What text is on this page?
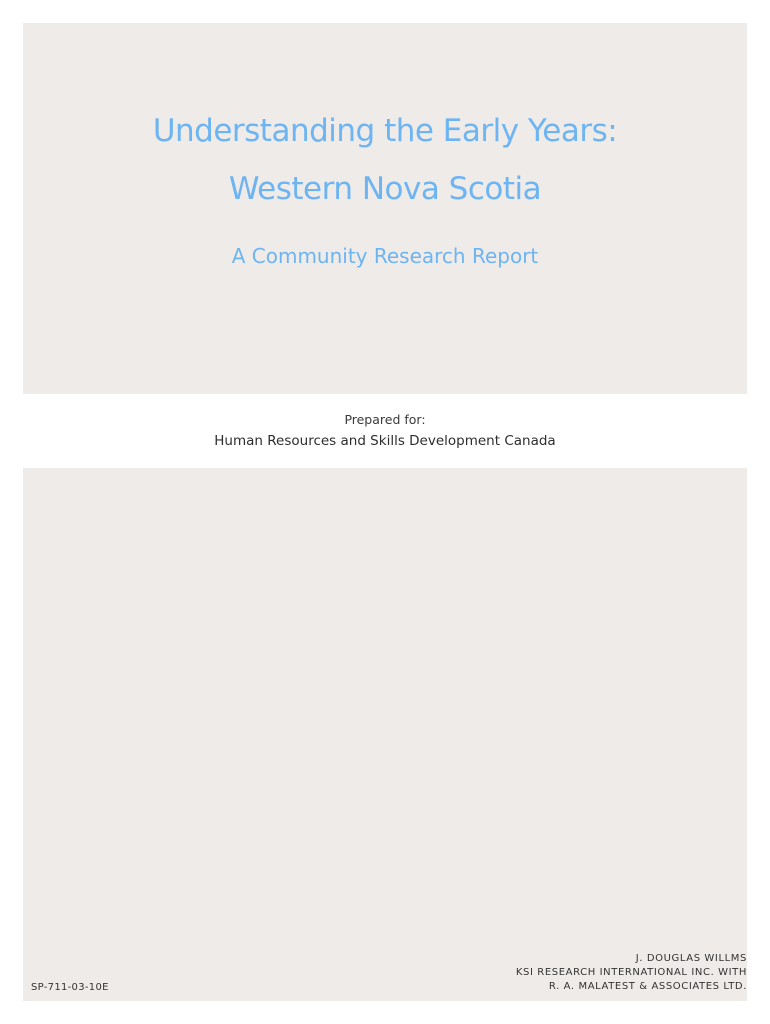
Understanding the Early Years:
Western Nova Scotia
A Community Research Report
Prepared for:
Human Resources and Skills Development Canada
SP-711-03-10E
J. DOUGLAS WILLMS
KSI RESEARCH INTERNATIONAL INC. WITH
R. A. MALATEST & ASSOCIATES LTD.
